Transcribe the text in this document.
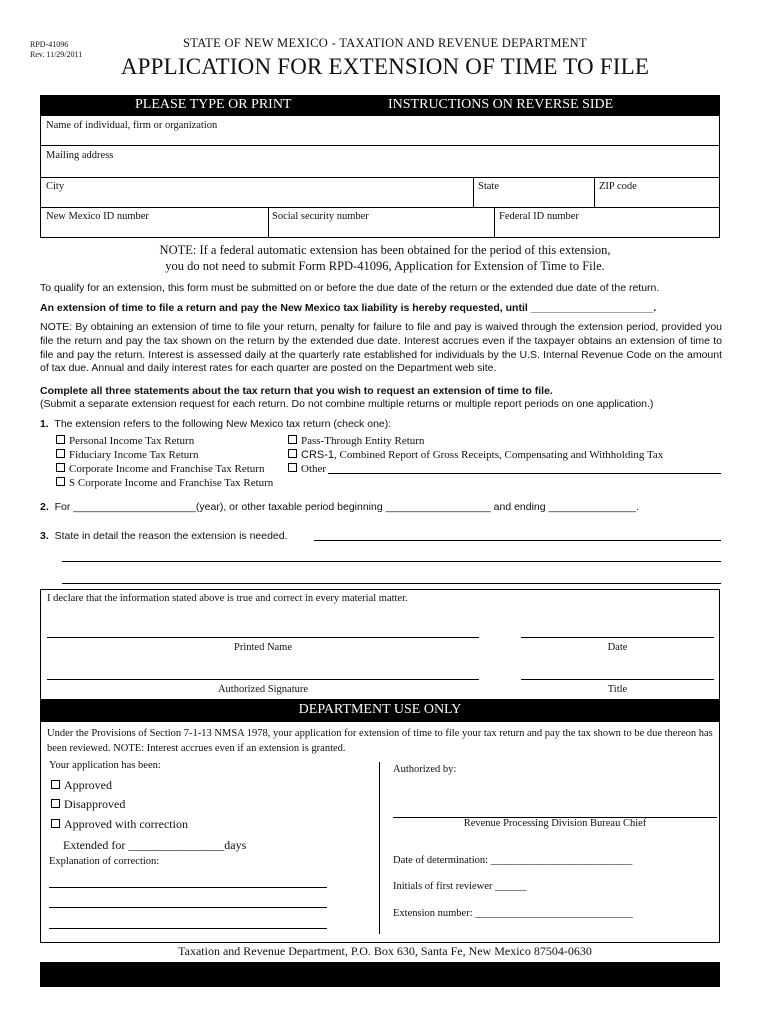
RPD-41096
Rev. 11/29/2011
STATE OF NEW MEXICO - TAXATION AND REVENUE DEPARTMENT
APPLICATION FOR EXTENSION OF TIME TO FILE
PLEASE TYPE OR PRINT	INSTRUCTIONS ON REVERSE SIDE
Name of individual, firm or organization
Mailing address
City	State	ZIP code
New Mexico ID number	Social security number	Federal ID number
NOTE: If a federal automatic extension has been obtained for the period of this extension,
you do not need to submit Form RPD-41096, Application for Extension of Time to File.
To qualify for an extension, this form must be submitted on or before the due date of the return or the extended due date of the return.
An extension of time to file a return and pay the New Mexico tax liability is hereby requested, until _____________________.
NOTE: By obtaining an extension of time to file your return, penalty for failure to file and pay is waived through the extension period, provided you file the return and pay the tax shown on the return by the extended due date. Interest accrues even if the taxpayer obtains an extension of time to file and pay the return. Interest is assessed daily at the quarterly rate established for individuals by the U.S. Internal Revenue Code on the amount of tax due. Annual and daily interest rates for each quarter are posted on the Department web site.
Complete all three statements about the tax return that you wish to request an extension of time to file.
(Submit a separate extension request for each return. Do not combine multiple returns or multiple report periods on one application.)
1. The extension refers to the following New Mexico tax return (check one):
Personal Income Tax Return
Fiduciary Income Tax Return
Corporate Income and Franchise Tax Return
S Corporate Income and Franchise Tax Return
Pass-Through Entity Return
CRS-1, Combined Report of Gross Receipts, Compensating and Withholding Tax
Other
2. For _____________________(year), or other taxable period beginning __________________ and ending _______________.
3. State in detail the reason the extension is needed.
I declare that the information stated above is true and correct in every material matter.
Printed Name	Date
Authorized Signature	Title
DEPARTMENT USE ONLY
Under the Provisions of Section 7-1-13 NMSA 1978, your application for extension of time to file your tax return and pay the tax shown to be due thereon has been reviewed. NOTE: Interest accrues even if an extension is granted.
Your application has been:
Approved
Disapproved
Approved with correction
Extended for ________________days
Explanation of correction:
Authorized by:
Revenue Processing Division Bureau Chief
Date of determination: ___________________________
Initials of first reviewer ______
Extension number: ______________________________
Taxation and Revenue Department, P.O. Box 630, Santa Fe, New Mexico 87504-0630
